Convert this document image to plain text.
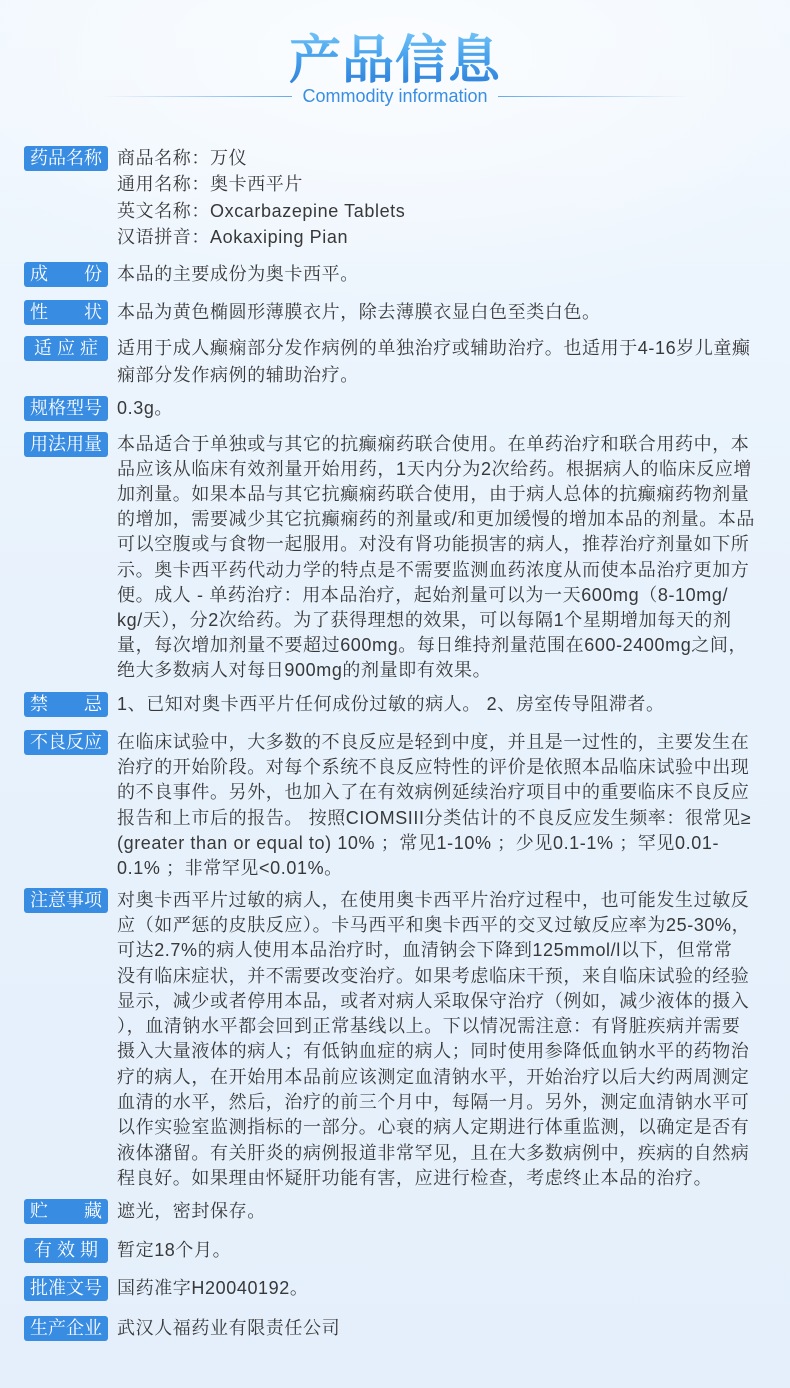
产品信息
Commodity information
药品名称 商品名称：万仪
通用名称：奥卡西平片
英文名称：Oxcarbazepine Tablets
汉语拼音：Aokaxiping Pian
成　　份 本品的主要成份为奥卡西平。
性　　状 本品为黄色椭圆形薄膜衣片，除去薄膜衣显白色至类白色。
适 应 症	适用于成人癫痫部分发作病例的单独治疗或辅助治疗。也适用于4-16岁儿童癫
痫部分发作病例的辅助治疗。
规格型号 0.3g。
用法用量 本品适合于单独或与其它的抗癫痫药联合使用。在单药治疗和联合用药中，本
品应该从临床有效剂量开始用药，1天内分为2次给药。根据病人的临床反应增
加剂量。如果本品与其它抗癫痫药联合使用，由于病人总体的抗癫痫药物剂量
的增加，需要减少其它抗癫痫药的剂量或/和更加缓慢的增加本品的剂量。本品
可以空腹或与食物一起服用。对没有肾功能损害的病人，推荐治疗剂量如下所
示。奥卡西平药代动力学的特点是不需要监测血药浓度从而使本品治疗更加方
便。成人 - 单药治疗：用本品治疗，起始剂量可以为一天600mg（8-10mg/
kg/天），分2次给药。为了获得理想的效果，可以每隔1个星期增加每天的剂
量，每次增加剂量不要超过600mg。每日维持剂量范围在600-2400mg之间，
绝大多数病人对每日900mg的剂量即有效果。
禁　　忌 1、已知对奥卡西平片任何成份过敏的病人。 2、房室传导阻滞者。
不良反应 在临床试验中，大多数的不良反应是轻到中度，并且是一过性的，主要发生在
治疗的开始阶段。对每个系统不良反应特性的评价是依照本品临床试验中出现
的不良事件。另外，也加入了在有效病例延续治疗项目中的重要临床不良反应
报告和上市后的报告。 按照CIOMSIII分类估计的不良反应发生频率：很常见≥
(greater than or equal to) 10% ；常见1-10% ；少见0.1-1% ；罕见0.01-
0.1% ；非常罕见<0.01%。
注意事项 对奥卡西平片过敏的病人，在使用奥卡西平片治疗过程中，也可能发生过敏反
应（如严惩的皮肤反应）。卡马西平和奥卡西平的交叉过敏反应率为25-30%，
可达2.7%的病人使用本品治疗时，血清钠会下降到125mmol/l以下，但常常
没有临床症状，并不需要改变治疗。如果考虑临床干预，来自临床试验的经验
显示，减少或者停用本品，或者对病人采取保守治疗（例如，减少液体的摄入
），血清钠水平都会回到正常基线以上。下以情况需注意：有肾脏疾病并需要
摄入大量液体的病人；有低钠血症的病人；同时使用参降低血钠水平的药物治
疗的病人，在开始用本品前应该测定血清钠水平，开始治疗以后大约两周测定
血清的水平，然后，治疗的前三个月中，每隔一月。另外，测定血清钠水平可
以作实验室监测指标的一部分。心衰的病人定期进行体重监测，以确定是否有
液体潴留。有关肝炎的病例报道非常罕见，且在大多数病例中，疾病的自然病
程良好。如果理由怀疑肝功能有害，应进行检查，考虑终止本品的治疗。
贮　　藏 遮光，密封保存。
有 效 期	暂定18个月。
批准文号 国药准字H20040192。
生产企业 武汉人福药业有限责任公司
